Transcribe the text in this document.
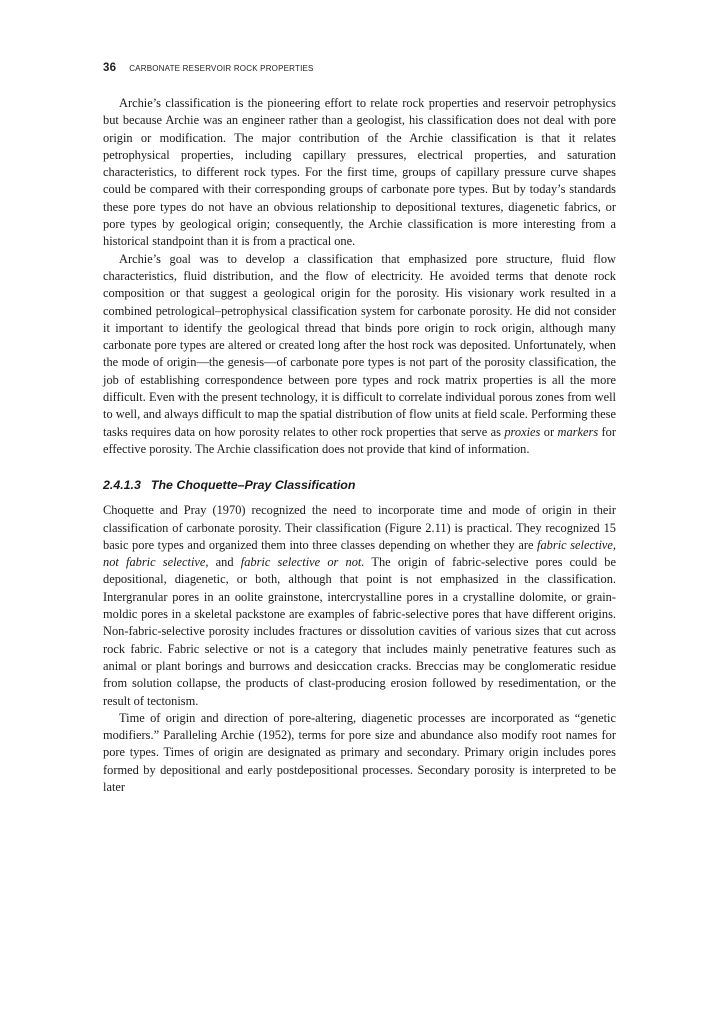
36 CARBONATE RESERVOIR ROCK PROPERTIES

Archie’s classification is the pioneering effort to relate rock properties and reservoir petrophysics but because Archie was an engineer rather than a geologist, his classification does not deal with pore origin or modification. The major contribution of the Archie classification is that it relates petrophysical properties, including capillary pressures, electrical properties, and saturation characteristics, to different rock types. For the first time, groups of capillary pressure curve shapes could be compared with their corresponding groups of carbonate pore types. But by today’s standards these pore types do not have an obvious relationship to depositional textures, diagenetic fabrics, or pore types by geological origin; consequently, the Archie classification is more interesting from a historical standpoint than it is from a practical one.

Archie’s goal was to develop a classification that emphasized pore structure, fluid flow characteristics, fluid distribution, and the flow of electricity. He avoided terms that denote rock composition or that suggest a geological origin for the porosity. His visionary work resulted in a combined petrological–petrophysical classification system for carbonate porosity. He did not consider it important to identify the geological thread that binds pore origin to rock origin, although many carbonate pore types are altered or created long after the host rock was deposited. Unfortunately, when the mode of origin—the genesis—of carbonate pore types is not part of the porosity classification, the job of establishing correspondence between pore types and rock matrix properties is all the more difficult. Even with the present technology, it is difficult to correlate individual porous zones from well to well, and always difficult to map the spatial distribution of flow units at field scale. Performing these tasks requires data on how porosity relates to other rock properties that serve as proxies or markers for effective porosity. The Archie classification does not provide that kind of information.

2.4.1.3 The Choquette–Pray Classification

Choquette and Pray (1970) recognized the need to incorporate time and mode of origin in their classification of carbonate porosity. Their classification (Figure 2.11) is practical. They recognized 15 basic pore types and organized them into three classes depending on whether they are fabric selective, not fabric selective, and fabric selective or not. The origin of fabric-selective pores could be depositional, diagenetic, or both, although that point is not emphasized in the classification. Intergranular pores in an oolite grainstone, intercrystalline pores in a crystalline dolomite, or grain-moldic pores in a skeletal packstone are examples of fabric-selective pores that have different origins. Non-fabric-selective porosity includes fractures or dissolution cavities of various sizes that cut across rock fabric. Fabric selective or not is a category that includes mainly penetrative features such as animal or plant borings and burrows and desiccation cracks. Breccias may be conglomeratic residue from solution collapse, the products of clast-producing erosion followed by resedimentation, or the result of tectonism.

Time of origin and direction of pore-altering, diagenetic processes are incorporated as “genetic modifiers.” Paralleling Archie (1952), terms for pore size and abundance also modify root names for pore types. Times of origin are designated as primary and secondary. Primary origin includes pores formed by depositional and early postdepositional processes. Secondary porosity is interpreted to be later
